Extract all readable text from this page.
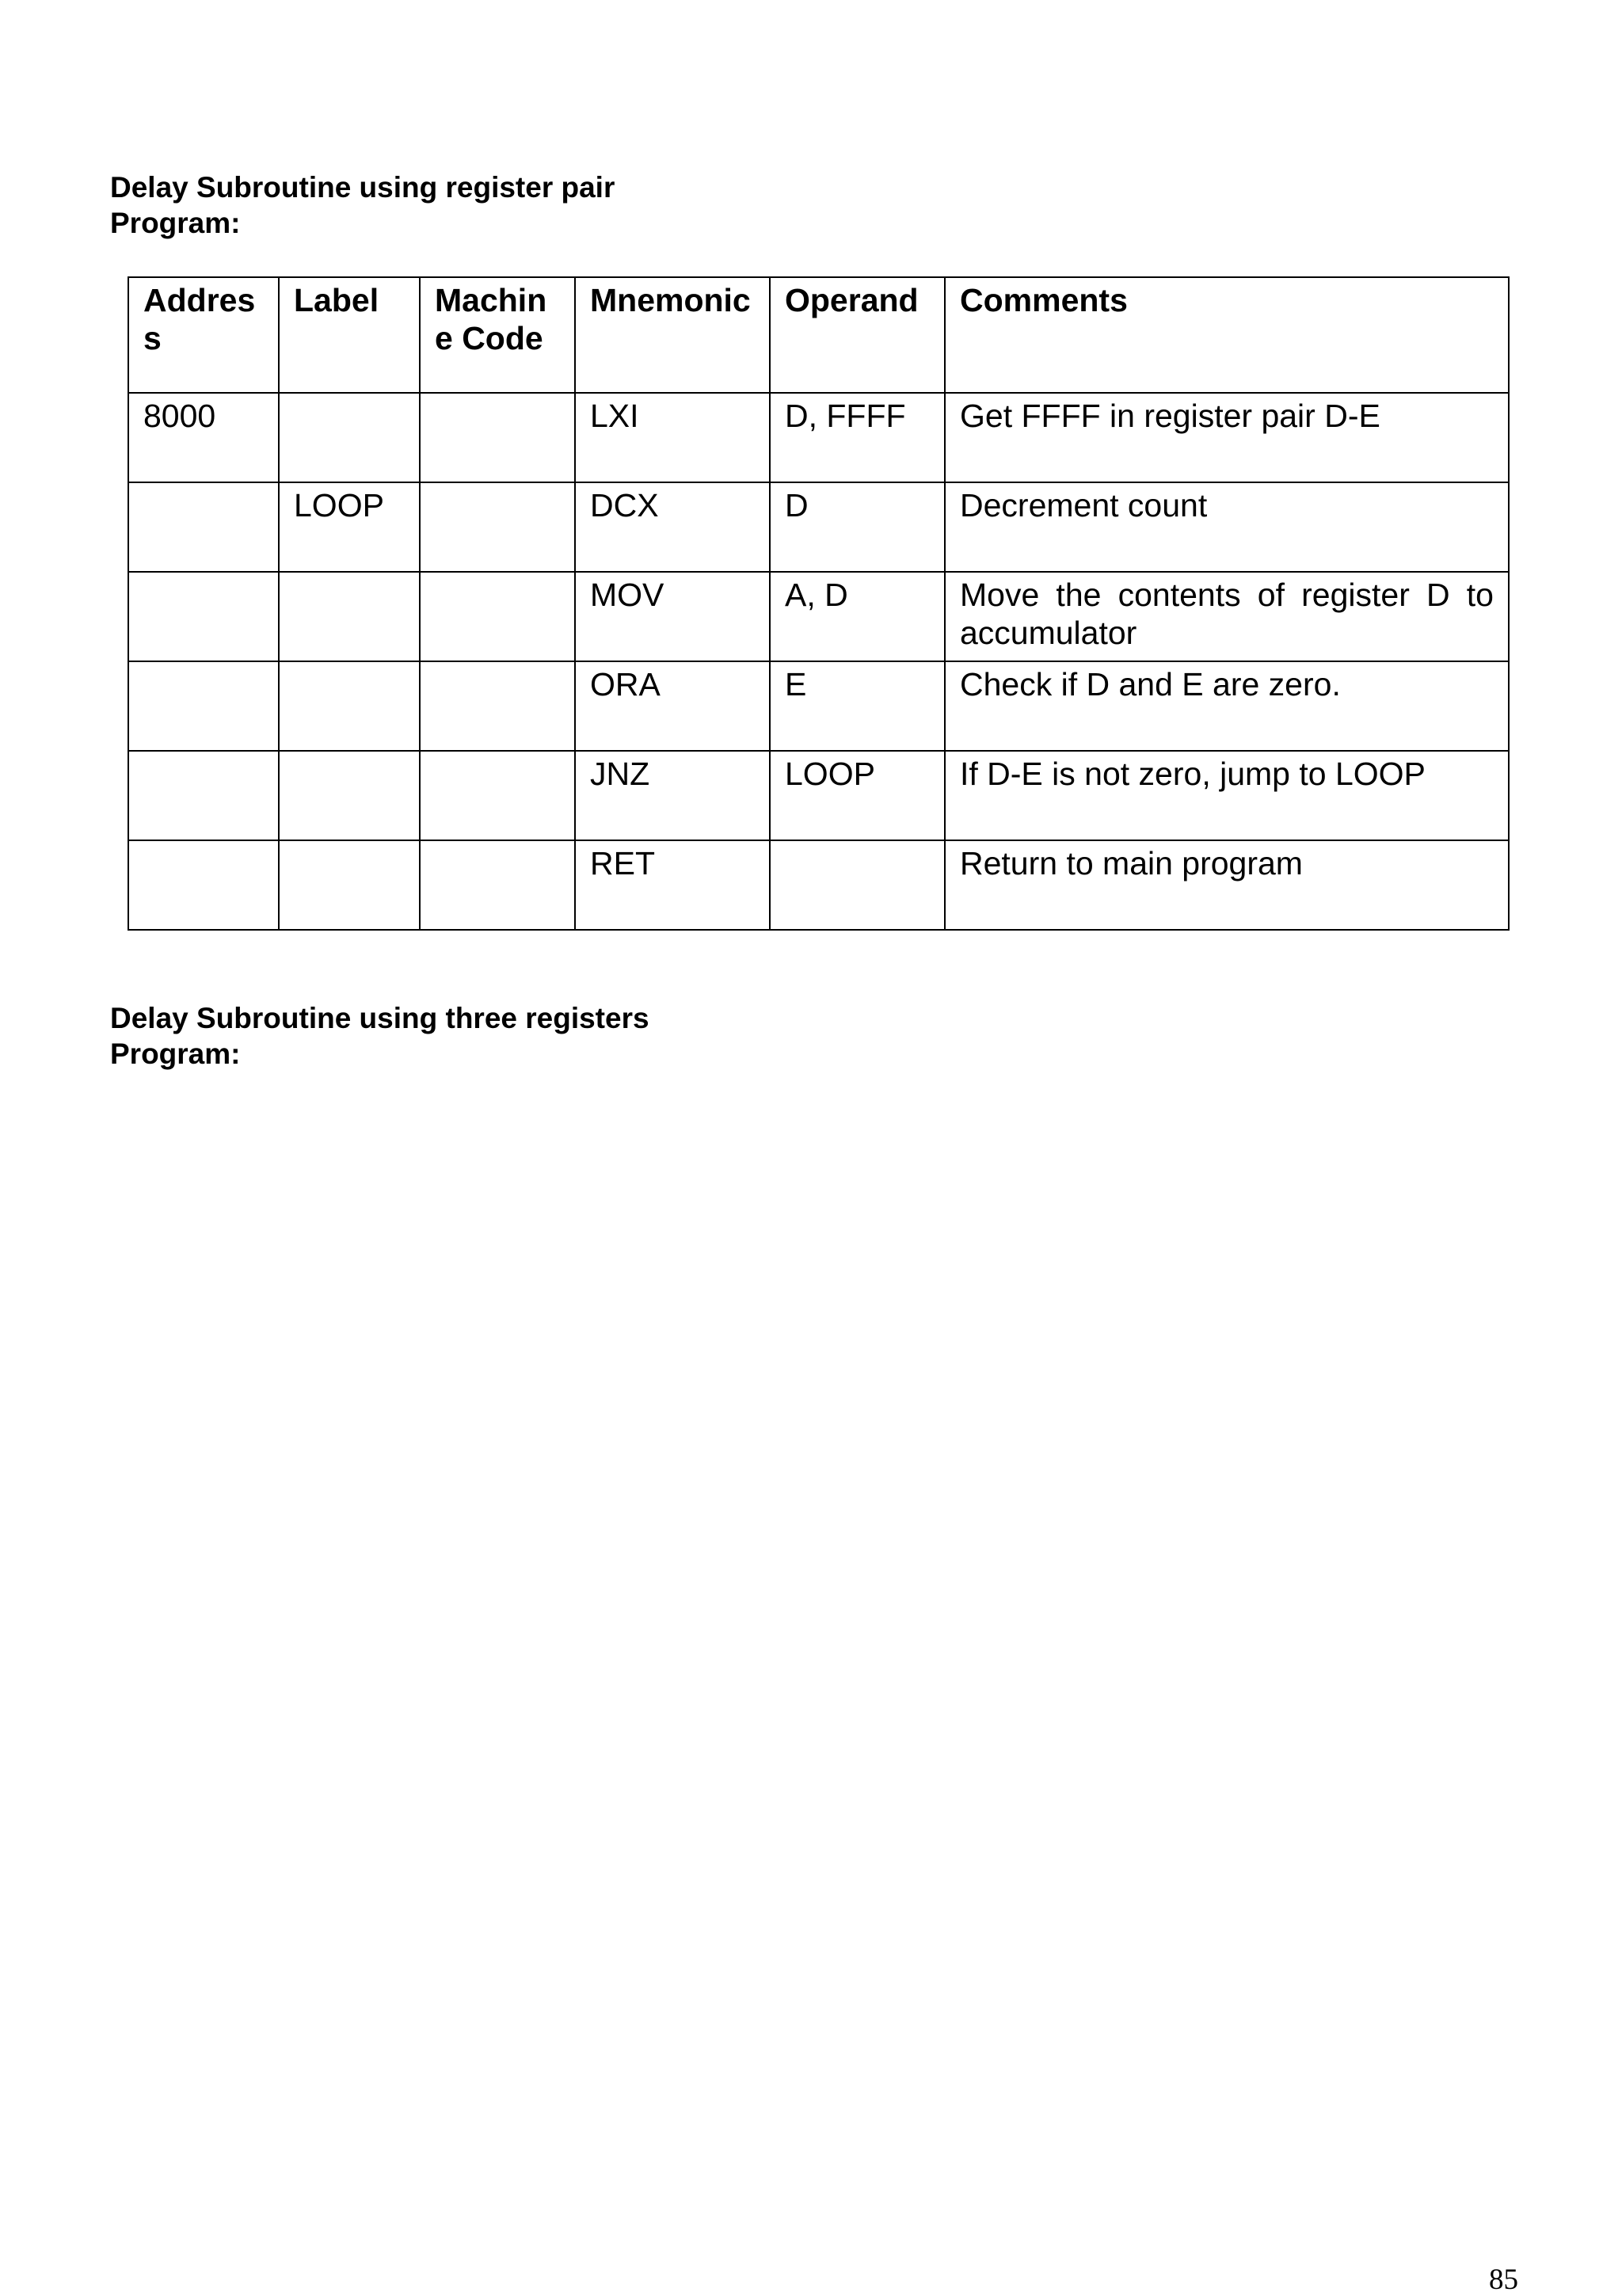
Delay Subroutine using register pair
Program:
Address	Label	Machine Code	Mnemonic	Operand	Comments
8000			LXI	D, FFFF	Get FFFF in register pair D-E
	LOOP		DCX	D	Decrement count
			MOV	A, D	Move the contents of register D to accumulator
			ORA	E	Check if D and E are zero.
			JNZ	LOOP	If D-E is not zero, jump to LOOP
			RET		Return to main program
Delay Subroutine using three registers
Program:
85
